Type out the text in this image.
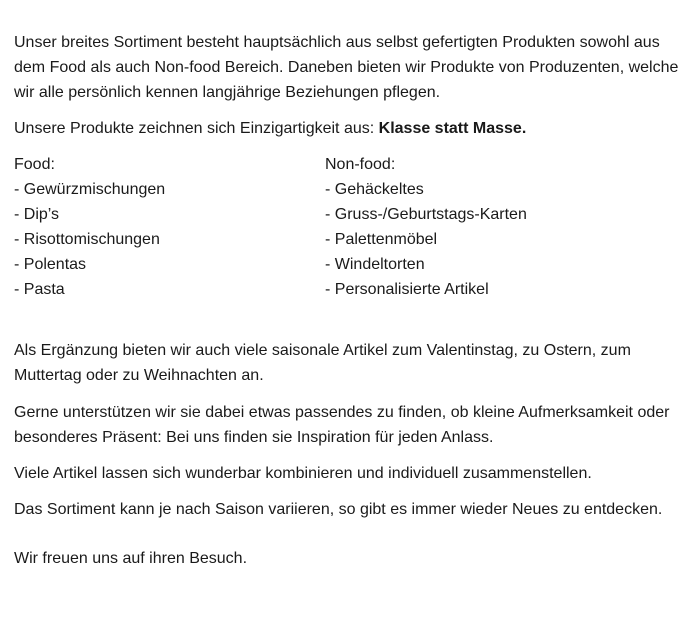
Unser breites Sortiment besteht hauptsächlich aus selbst gefertigten Produkten sowohl aus dem Food als auch Non-food Bereich. Daneben bieten wir Produkte von Produzenten, welche wir alle persönlich kennen langjährige Beziehungen pflegen.

Unsere Produkte zeichnen sich Einzigartigkeit aus: Klasse statt Masse.

Food:
- Gewürzmischungen
- Dip’s
- Risottomischungen
- Polentas
- Pasta
Non-food:
- Gehäckeltes
- Gruss-/Geburtstags-Karten
- Palettenmöbel
- Windeltorten
- Personalisierte Artikel

Als Ergänzung bieten wir auch viele saisonale Artikel zum Valentinstag, zu Ostern, zum Muttertag oder zu Weihnachten an.

Gerne unterstützen wir sie dabei etwas passendes zu finden, ob kleine Aufmerksamkeit oder besonderes Präsent: Bei uns finden sie Inspiration für jeden Anlass.

Viele Artikel lassen sich wunderbar kombinieren und individuell zusammenstellen.

Das Sortiment kann je nach Saison variieren, so gibt es immer wieder Neues zu entdecken.

Wir freuen uns auf ihren Besuch.
